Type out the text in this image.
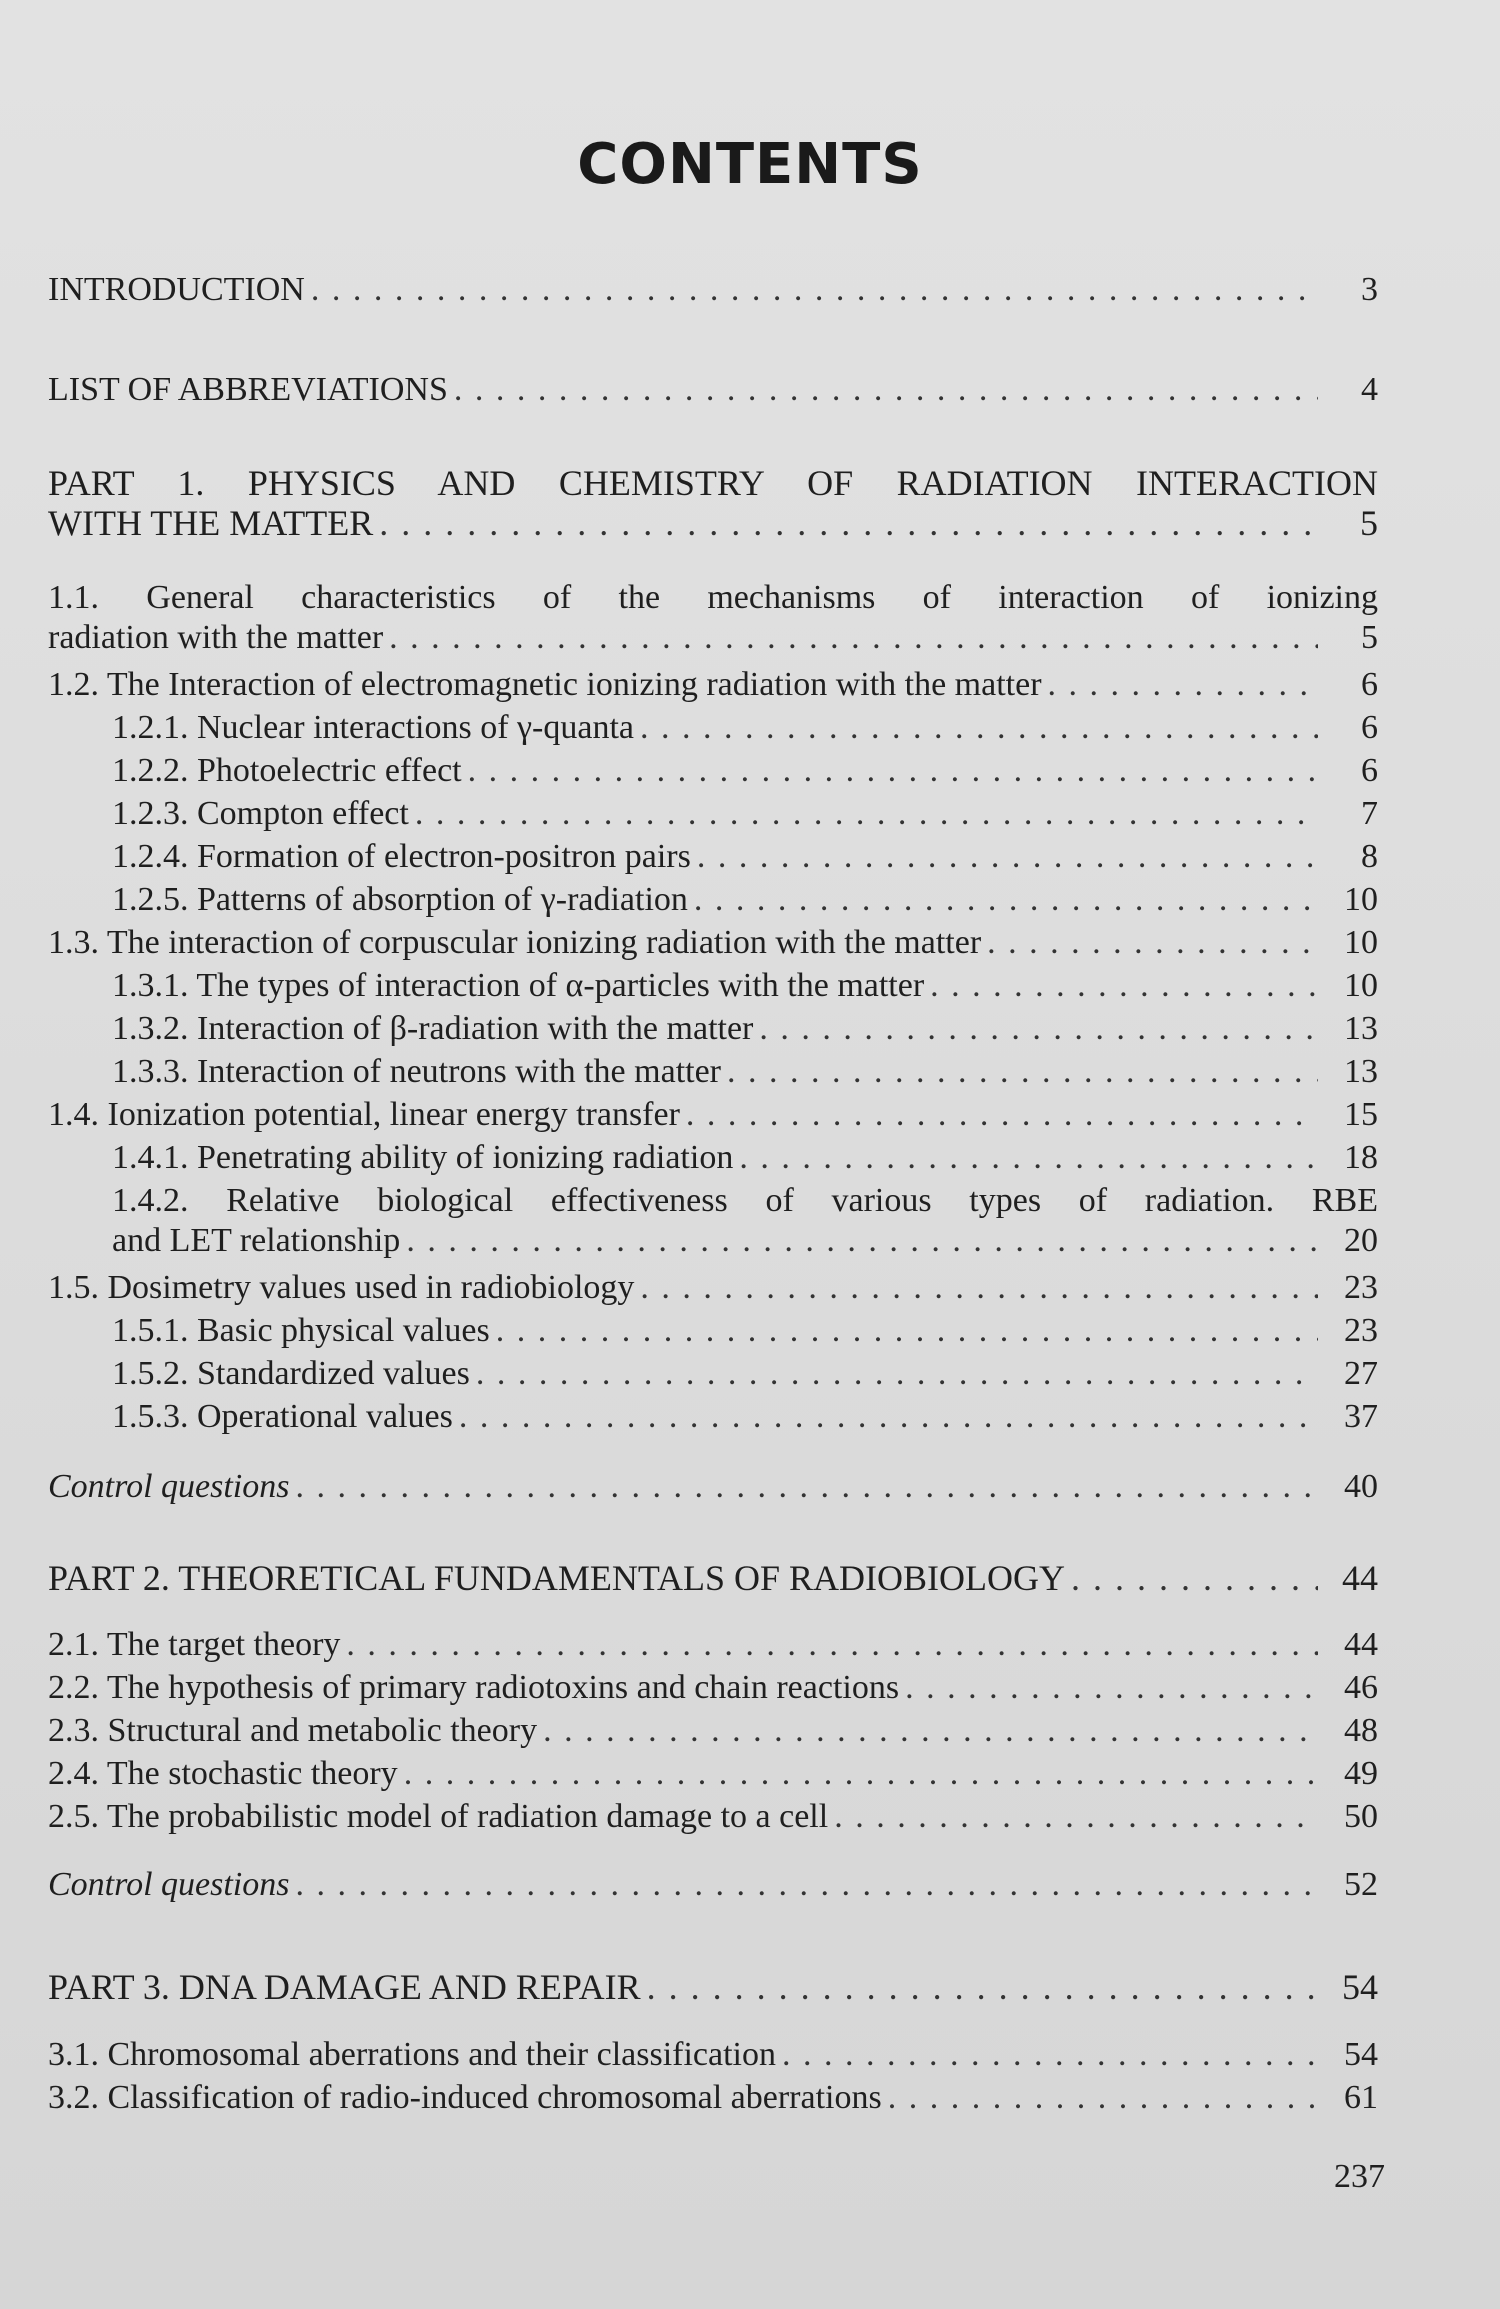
CONTENTS
INTRODUCTION . . .	3
LIST OF ABBREVIATIONS . . .	4
PART 1. PHYSICS AND CHEMISTRY OF RADIATION INTERACTION
WITH THE MATTER . . .	5
1.1. General characteristics of the mechanisms of interaction of ionizing
radiation with the matter . . .	5
1.2. The Interaction of electromagnetic ionizing radiation with the matter . . .	6
1.2.1. Nuclear interactions of γ-quanta . . .	6
1.2.2. Photoelectric effect . . .	6
1.2.3. Compton effect . . .	7
1.2.4. Formation of electron-positron pairs . . .	8
1.2.5. Patterns of absorption of γ-radiation . . .	10
1.3. The interaction of corpuscular ionizing radiation with the matter . . .	10
1.3.1. The types of interaction of α-particles with the matter . . .	10
1.3.2. Interaction of β-radiation with the matter . . .	13
1.3.3. Interaction of neutrons with the matter . . .	13
1.4. Ionization potential, linear energy transfer . . .	15
1.4.1. Penetrating ability of ionizing radiation . . .	18
1.4.2. Relative biological effectiveness of various types of radiation. RBE
and LET relationship . . .	20
1.5. Dosimetry values used in radiobiology . . .	23
1.5.1. Basic physical values . . .	23
1.5.2. Standardized values . . .	27
1.5.3. Operational values . . .	37
Control questions . . .	40
PART 2. THEORETICAL FUNDAMENTALS OF RADIOBIOLOGY . . .	44
2.1. The target theory . . .	44
2.2. The hypothesis of primary radiotoxins and chain reactions . . .	46
2.3. Structural and metabolic theory . . .	48
2.4. The stochastic theory . . .	49
2.5. The probabilistic model of radiation damage to a cell . . .	50
Control questions . . .	52
PART 3. DNA DAMAGE AND REPAIR . . .	54
3.1. Chromosomal aberrations and their classification . . .	54
3.2. Classification of radio-induced chromosomal aberrations . . .	61
237
